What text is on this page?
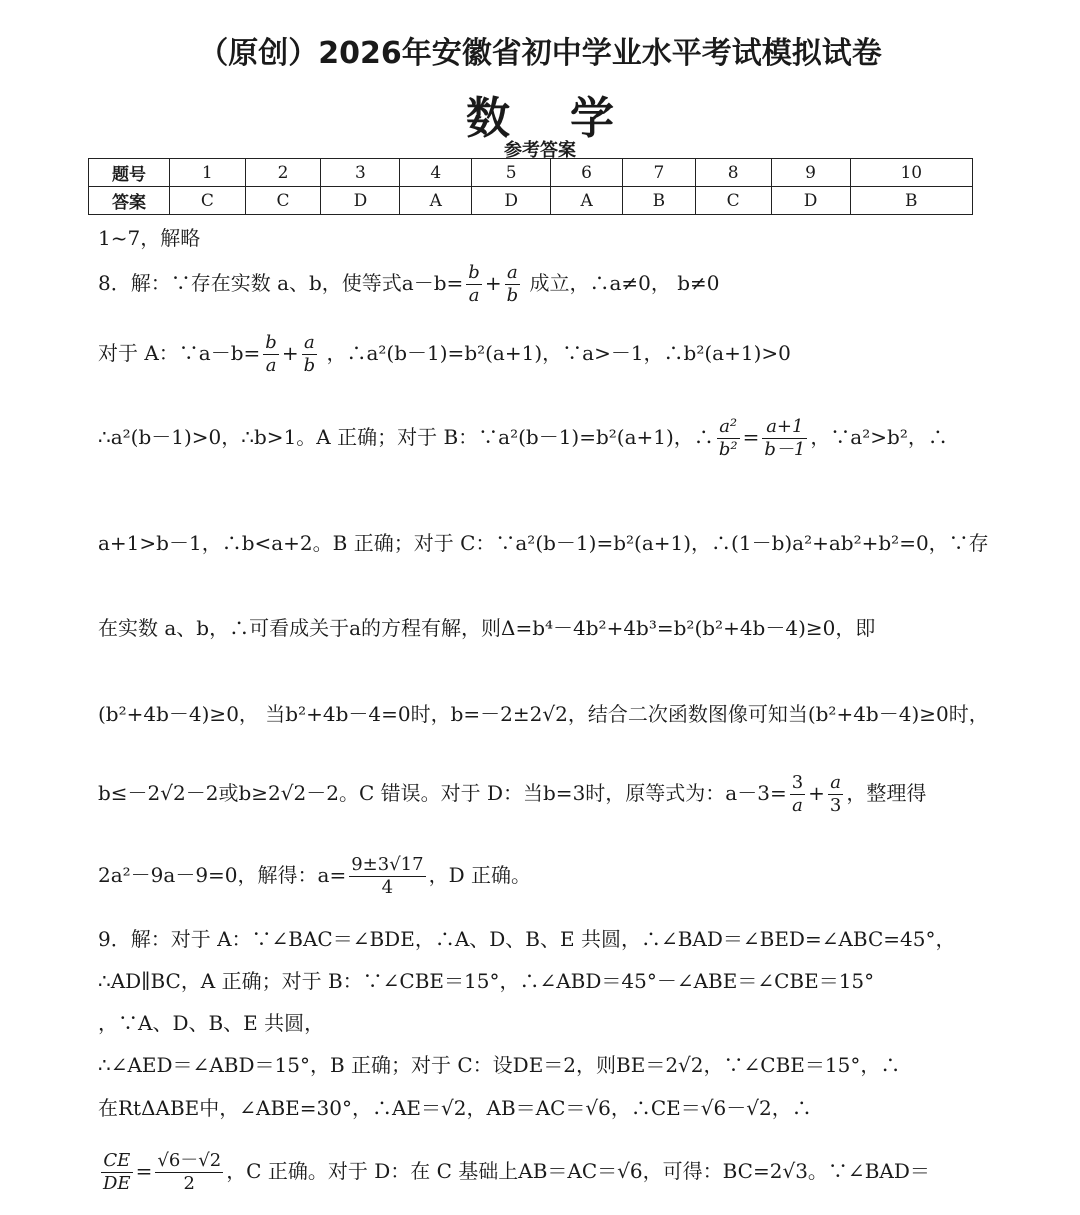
（原创）2026年安徽省初中学业水平考试模拟试卷
数学
参考答案
题号	1	2	3	4	5	6	7	8	9	10
答案	C	C	D	A	D	A	B	C	D	B
1~7，解略
8．解：∵存在实数 a、b，使等式$a-b= \frac{b}{a} + \frac{a}{b}$ 成立，∴a≠0， b≠0
对于 A：∵a－b= $\frac{b}{a} + \frac{a}{b}$ ，∴a²(b－1)=b²(a+1)，∵a>－1，∴b²(a+1)>0
∴a²(b－1)>0，∴b>1。A 正确；对于 B：∵a²(b－1)=b²(a+1)，∴ $\frac{\text{a²}}{\text{b²}} = \frac{a+1}{b-1}$ ，∵a²>b²，∴
a+1>b－1，∴b<a+2。B 正确；对于 C：∵a²(b－1)=b²(a+1)，∴(1－b)a²+ab²+b²=0，∵存
在实数 a、b，∴可看成关于a的方程有解，则Δ=b⁴－4b²+4b³=b²(b²+4b－4)≥0，即
(b²+4b－4)≥0， 当b²+4b－4=0时，b=－2±2√2，结合二次函数图像可知当(b²+4b－4)≥0时，
b≤－2√2－2或b≥2√2－2。C 错误。对于 D：当b=3时，原等式为：$a-3= \frac{3}{a} + \frac{a}{3}$ ，整理得
2a²－9a－9=0，解得：$a= \frac{9\pm 3√17}{4}$ ，D 正确。
9．解：对于 A：∵∠BAC＝∠BDE，∴A、D、B、E 共圆，∴∠BAD＝∠BED=∠ABC=45°，
∴AD∥BC，A 正确；对于 B：∵∠CBE＝15°，∴∠ABD＝45°－∠ABE＝∠CBE＝15°
，∵A、D、B、E 共圆，
∴∠AED＝∠ABD＝15°，B 正确；对于 C：设DE＝2，则BE＝2√2，∵∠CBE＝15°，∴
在RtΔABE中，∠ABE=30°，∴AE＝√2，AB＝AC＝√6，∴CE＝√6－√2，∴
$\frac{CE}{DE} = \frac{√6-√2}{2}$ ，C 正确。对于 D：在 C 基础上AB＝AC＝√6，可得：BC=2√3。∵∠BAD＝
